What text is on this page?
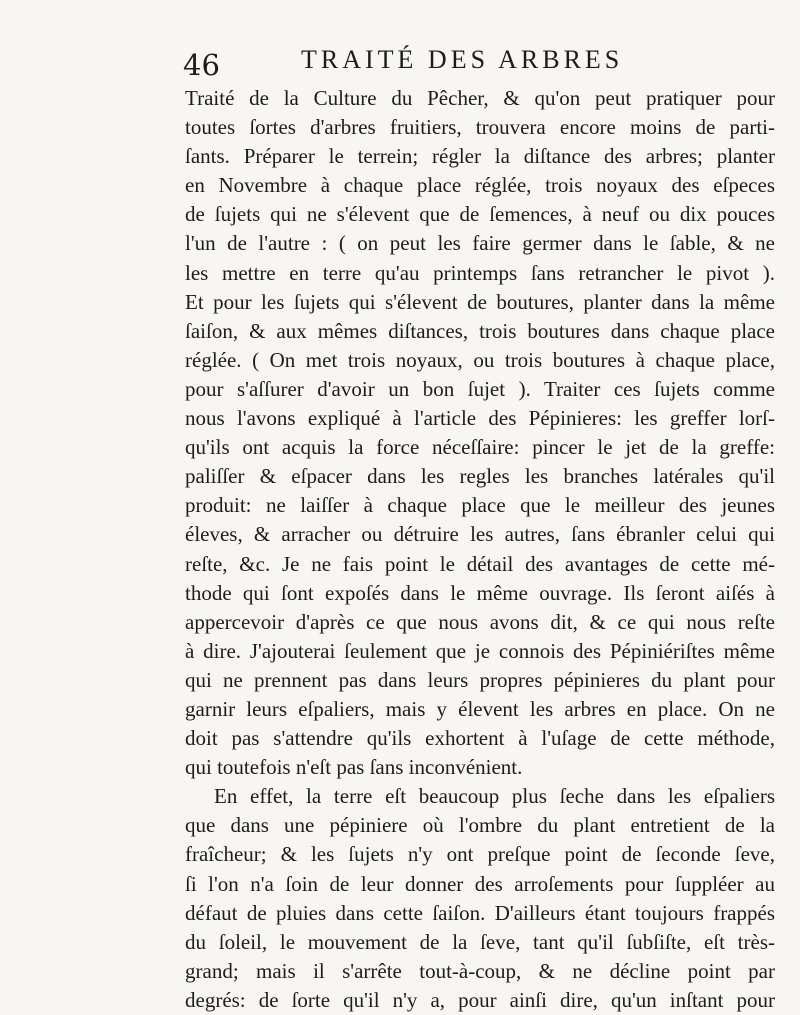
46	TRAITÉ DES ARBRES
Traité de la Culture du Pêcher, & qu'on peut pratiquer pour
toutes ſortes d'arbres fruitiers, trouvera encore moins de parti-
ſants. Préparer le terrein; régler la diſtance des arbres; planter
en Novembre à chaque place réglée, trois noyaux des eſpeces
de ſujets qui ne s'élevent que de ſemences, à neuf ou dix pouces
l'un de l'autre : ( on peut les faire germer dans le ſable, & ne
les mettre en terre qu'au printemps ſans retrancher le pivot ).
Et pour les ſujets qui s'élevent de boutures, planter dans la même
ſaiſon, & aux mêmes diſtances, trois boutures dans chaque place
réglée. ( On met trois noyaux, ou trois boutures à chaque place,
pour s'aſſurer d'avoir un bon ſujet ). Traiter ces ſujets comme
nous l'avons expliqué à l'article des Pépinieres: les greffer lorſ-
qu'ils ont acquis la force néceſſaire: pincer le jet de la greffe:
paliſſer & eſpacer dans les regles les branches latérales qu'il
produit: ne laiſſer à chaque place que le meilleur des jeunes
éleves, & arracher ou détruire les autres, ſans ébranler celui qui
reſte, &c. Je ne fais point le détail des avantages de cette mé-
thode qui ſont expoſés dans le même ouvrage. Ils ſeront aiſés à
appercevoir d'après ce que nous avons dit, & ce qui nous reſte
à dire. J'ajouterai ſeulement que je connois des Pépiniériſtes même
qui ne prennent pas dans leurs propres pépinieres du plant pour
garnir leurs eſpaliers, mais y élevent les arbres en place. On ne
doit pas s'attendre qu'ils exhortent à l'uſage de cette méthode,
qui toutefois n'eſt pas ſans inconvénient.
En effet, la terre eſt beaucoup plus ſeche dans les eſpaliers
que dans une pépiniere où l'ombre du plant entretient de la
fraîcheur; & les ſujets n'y ont preſque point de ſeconde ſeve,
ſi l'on n'a ſoin de leur donner des arroſements pour ſuppléer au
défaut de pluies dans cette ſaiſon. D'ailleurs étant toujours frappés
du ſoleil, le mouvement de la ſeve, tant qu'il ſubſiſte, eſt très-
grand; mais il s'arrête tout-à-coup, & ne décline point par
degrés: de ſorte qu'il n'y a, pour ainſi dire, qu'un inſtant pour
